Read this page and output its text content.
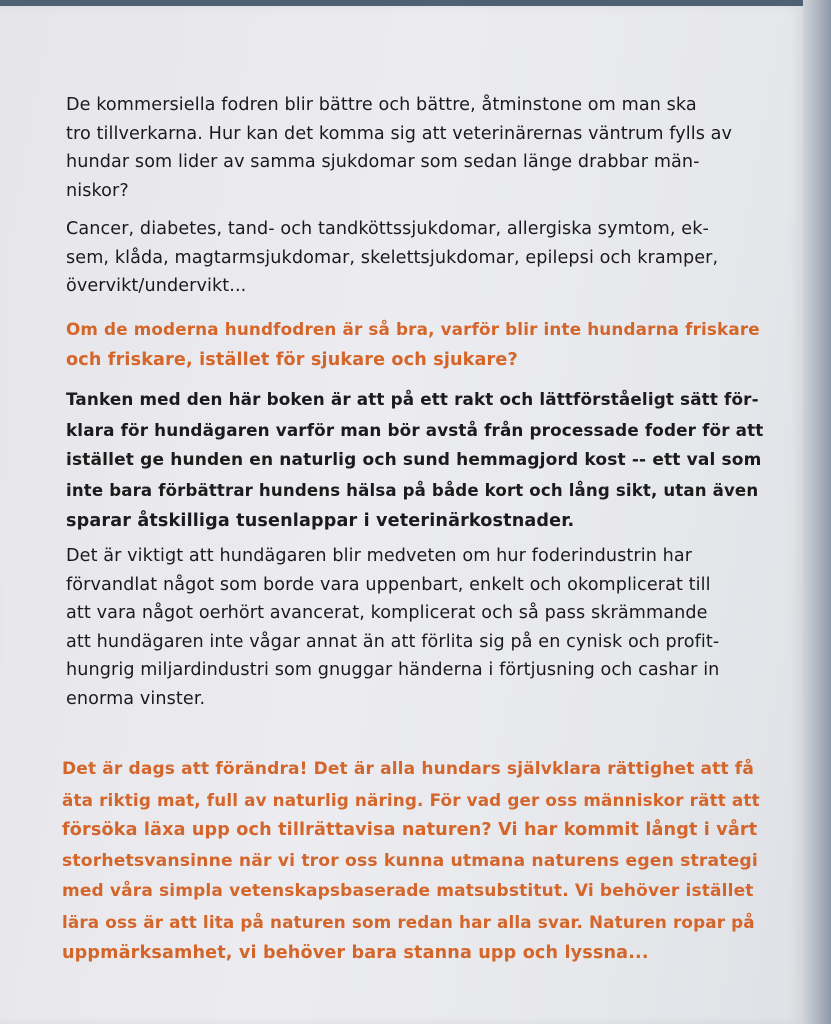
De kommersiella fodren blir bättre och bättre, åtminstone om man ska
tro tillverkarna. Hur kan det komma sig att veterinärernas väntrum fylls av
hundar som lider av samma sjukdomar som sedan länge drabbar män-
niskor?
Cancer, diabetes, tand- och tandköttssjukdomar, allergiska symtom, ek-
sem, klåda, magtarmsjukdomar, skelettsjukdomar, epilepsi och kramper,
övervikt/undervikt...
Om de moderna hundfodren är så bra, varför blir inte hundarna friskare
och friskare, istället för sjukare och sjukare?
Tanken med den här boken är att på ett rakt och lättförståeligt sätt för-
klara för hundägaren varför man bör avstå från processade foder för att
istället ge hunden en naturlig och sund hemmagjord kost -- ett val som
inte bara förbättrar hundens hälsa på både kort och lång sikt, utan även
sparar åtskilliga tusenlappar i veterinärkostnader.
Det är viktigt att hundägaren blir medveten om hur foderindustrin har
förvandlat något som borde vara uppenbart, enkelt och okomplicerat till
att vara något oerhört avancerat, komplicerat och så pass skrämmande
att hundägaren inte vågar annat än att förlita sig på en cynisk och profit-
hungrig miljardindustri som gnuggar händerna i förtjusning och cashar in
enorma vinster.
Det är dags att förändra! Det är alla hundars självklara rättighet att få
äta riktig mat, full av naturlig näring. För vad ger oss människor rätt att
försöka läxa upp och tillrättavisa naturen? Vi har kommit långt i vårt
storhetsvansinne när vi tror oss kunna utmana naturens egen strategi
med våra simpla vetenskapsbaserade matsubstitut. Vi behöver istället
lära oss är att lita på naturen som redan har alla svar. Naturen ropar på
uppmärksamhet, vi behöver bara stanna upp och lyssna...
